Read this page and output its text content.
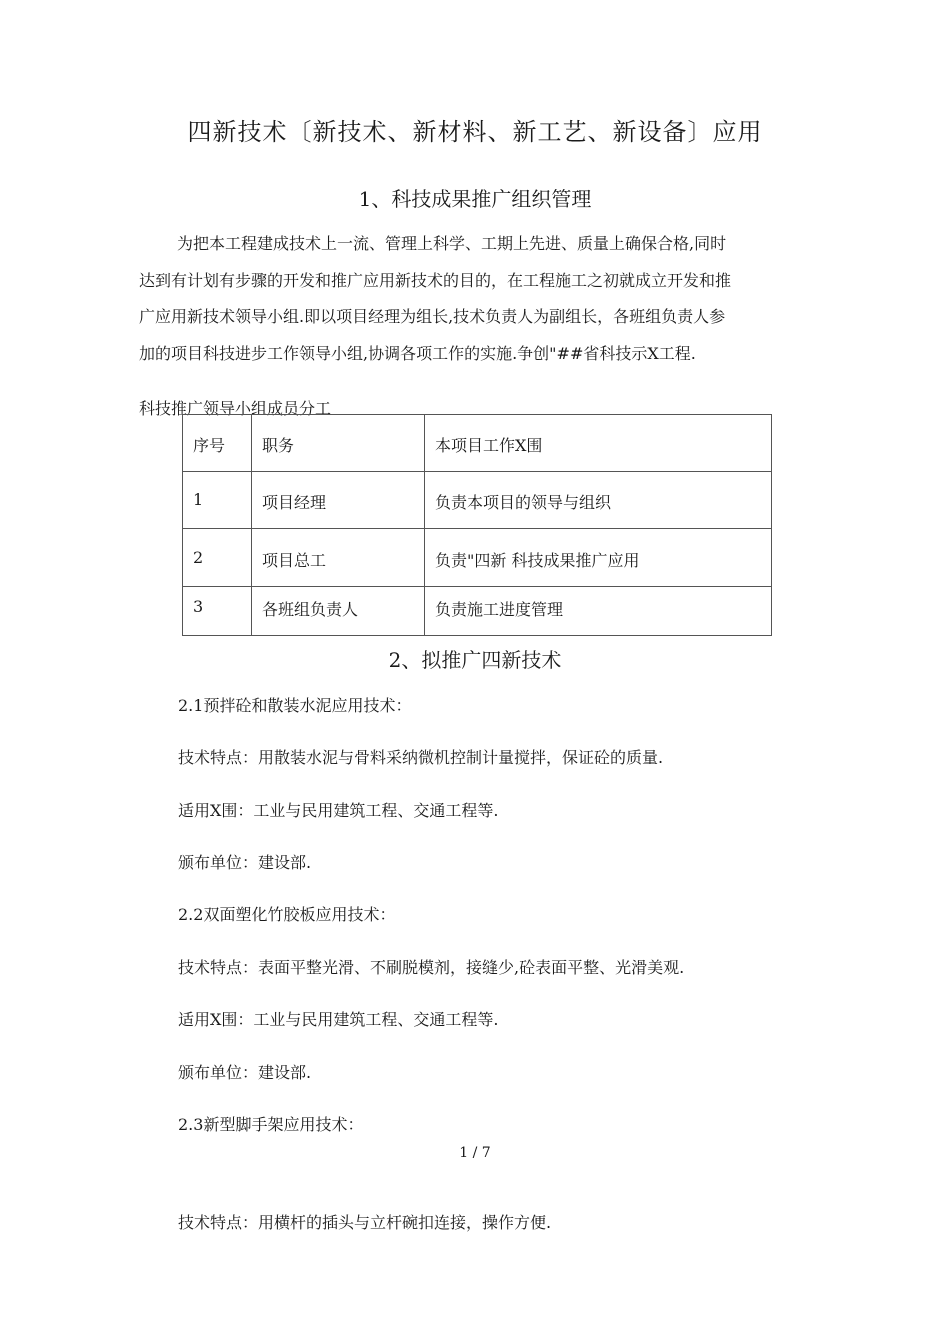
四新技术〔新技术、新材料、新工艺、新设备〕应用
1、科技成果推广组织管理
为把本工程建成技术上一流、管理上科学、工期上先进、质量上确保合格,同时
达到有计划有步骤的开发和推广应用新技术的目的，在工程施工之初就成立开发和推
广应用新技术领导小组.即以项目经理为组长,技术负责人为副组长，各班组负责人参
加的项目科技进步工作领导小组,协调各项工作的实施.争创"##省科技示X工程.
科技推广领导小组成员分工
序号	职务	本项目工作X围
1	项目经理	负责本项目的领导与组织
2	项目总工	负责"四新 科技成果推广应用
3	各班组负责人	负责施工进度管理
2、拟推广四新技术
2.1预拌砼和散装水泥应用技术：
技术特点：用散装水泥与骨料采纳微机控制计量搅拌，保证砼的质量.
适用X围：工业与民用建筑工程、交通工程等.
颁布单位：建设部.
2.2双面塑化竹胶板应用技术：
技术特点：表面平整光滑、不刷脱模剂，接缝少,砼表面平整、光滑美观.
适用X围：工业与民用建筑工程、交通工程等.
颁布单位：建设部.
2.3新型脚手架应用技术：
1 / 7
技术特点：用横杆的插头与立杆碗扣连接，操作方便.
